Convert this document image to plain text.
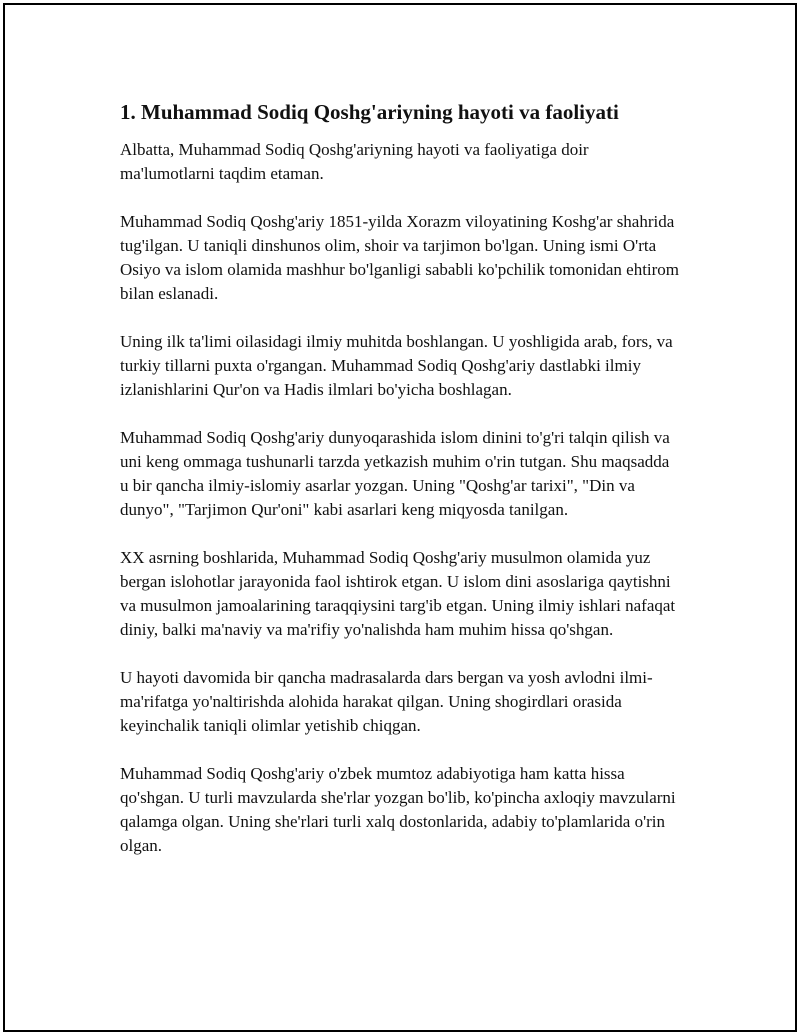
1. Muhammad Sodiq Qoshg'ariyning hayoti va faoliyati

Albatta, Muhammad Sodiq Qoshg'ariyning hayoti va faoliyatiga doir ma'lumotlarni taqdim etaman.

Muhammad Sodiq Qoshg'ariy 1851-yilda Xorazm viloyatining Koshg'ar shahrida tug'ilgan. U taniqli dinshunos olim, shoir va tarjimon bo'lgan. Uning ismi O'rta Osiyo va islom olamida mashhur bo'lganligi sababli ko'pchilik tomonidan ehtirom bilan eslanadi.

Uning ilk ta'limi oilasidagi ilmiy muhitda boshlangan. U yoshligida arab, fors, va turkiy tillarni puxta o'rgangan. Muhammad Sodiq Qoshg'ariy dastlabki ilmiy izlanishlarini Qur'on va Hadis ilmlari bo'yicha boshlagan.

Muhammad Sodiq Qoshg'ariy dunyoqarashida islom dinini to'g'ri talqin qilish va uni keng ommaga tushunarli tarzda yetkazish muhim o'rin tutgan. Shu maqsadda u bir qancha ilmiy-islomiy asarlar yozgan. Uning "Qoshg'ar tarixi", "Din va dunyo", "Tarjimon Qur'oni" kabi asarlari keng miqyosda tanilgan.

XX asrning boshlarida, Muhammad Sodiq Qoshg'ariy musulmon olamida yuz bergan islohotlar jarayonida faol ishtirok etgan. U islom dini asoslariga qaytishni va musulmon jamoalarining taraqqiysini targ'ib etgan. Uning ilmiy ishlari nafaqat diniy, balki ma'naviy va ma'rifiy yo'nalishda ham muhim hissa qo'shgan.

U hayoti davomida bir qancha madrasalarda dars bergan va yosh avlodni ilmi-ma'rifatga yo'naltirishda alohida harakat qilgan. Uning shogirdlari orasida keyinchalik taniqli olimlar yetishib chiqgan.

Muhammad Sodiq Qoshg'ariy o'zbek mumtoz adabiyotiga ham katta hissa qo'shgan. U turli mavzularda she'rlar yozgan bo'lib, ko'pincha axloqiy mavzularni qalamga olgan. Uning she'rlari turli xalq dostonlarida, adabiy to'plamlarida o'rin olgan.
